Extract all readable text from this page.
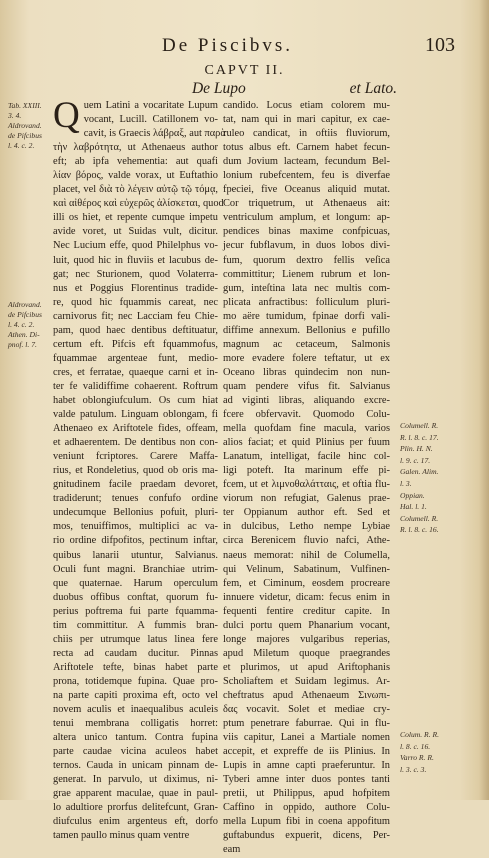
De Piscibvs.	103
CAPVT II.
De Lupo	et Lato.
Tab. XXIII.
3. 4.
Aldrovand.
de Pifcibus
l. 4. c. 2.
Aldrovand.
de Pifcibus
l. 4. c. 2.
Athen. Di-
pnof. l. 7.
Columell. R.
R. l. 8. c. 17.
Plin. H. N.
l. 9. c. 17.
Galen. Alim.
l. 3.
Oppian.
Hal. l. 1.
Columell. R.
R. l. 8. c. 16.
Colum. R. R.
l. 8. c. 16.
Varro R. R.
l. 3. c. 3.
Q uem Latini a vocaritate Lupum
vocant, Lucill. Catillonem vo-
cavit, is Graecis λάβραξ, aut παρὰ
τὴν λαβρότητα, ut Athenaeus author
eft; ab ipfa vehementia: aut quafi
λίαν βόρος, valde vorax, ut Euftathio
placet, vel διὰ τὸ λέγειν αὐτῷ τῷ τόμᾳ,
καὶ αἰθέρος καὶ εὐχερῶς ἀλίσκεται, quod
illi os hiet, et repente cumque impetu
avide voret, ut Suidas vult, dicitur.
Nec Lucium effe, quod Philelphus vo-
luit, quod hic in fluviis et lacubus de-
gat; nec Sturionem, quod Volaterra-
nus et Poggius Florentinus tradide-
re, quod hic fquammis careat, nec
carnivorus fit; nec Lacciam feu Chie-
pam, quod haec dentibus deftituatur,
certum eft. Pifcis eft fquammofus,
fquammae argenteae funt, medio-
cres, et ferratae, quaeque carni et in-
ter fe validiffime cohaerent. Roftrum
habet oblongiufculum. Os cum hiat
valde patulum. Linguam oblongam, fi
Athenaeo ex Ariftotele fides, offeam,
et adhaerentem. De dentibus non con-
veniunt fcriptores. Carere Maffa-
rius, et Rondeletius, quod ob oris ma-
gnitudinem facile praedam devoret,
tradiderunt; tenues confufo ordine
undecumque Bellonius pofuit, pluri-
mos, tenuiffimos, multiplici ac va-
rio ordine difpofitos, pectinum inftar,
quibus lanarii utuntur, Salvianus.
Oculi funt magni. Branchiae utrim-
que quaternae. Harum operculum
duobus offibus conftat, quorum fu-
perius poftrema fui parte fquamma-
tim committitur. A fummis bran-
chiis per utrumque latus linea fere
recta ad caudam ducitur. Pinnas
Ariftotele tefte, binas habet parte
prona, totidemque fupina. Quae pro-
na parte capiti proxima eft, octo vel
novem aculis et inaequalibus aculeis
tenui membrana colligatis horret:
altera unico tantum. Contra fupina
parte caudae vicina aculeos habet
ternos. Cauda in unicam pinnam de-
generat. In parvulo, ut diximus, ni-
grae apparent maculae, quae in paul-
lo adultiore prorfus delitefcunt, Gran-
diufculus enim argenteus eft, dorfo
tamen paullo minus quam ventre
candido. Locus etiam colorem mu-
tat, nam qui in mari capitur, ex cae-
ruleo candicat, in oftiis fluviorum,
totus albus eft. Carnem habet fecun-
dum Jovium lacteam, fecundum Bel-
lonium rubefcentem, feu is diverfae
fpeciei, five Oceanus aliquid mutat.
Cor triquetrum, ut Athenaeus ait:
ventriculum amplum, et longum: ap-
pendices binas maxime confpicuas,
jecur fubflavum, in duos lobos divi-
fum, quorum dextro fellis veſica
committitur; Lienem rubrum et lon-
gum, inteſtina lata nec multis com-
plicata anfractibus: folliculum pluri-
mo aëre tumidum, fpinae dorfi vali-
diffime annexum. Bellonius e pufillo
magnum ac cetaceum, Salmonis
more evadere folere teftatur, ut ex
Oceano libras quindecim non nun-
quam pendere vifus fit. Salvianus
ad viginti libras, aliquando excre-
fcere obfervavit. Quomodo Colu-
mella quofdam fine macula, varios
alios faciat; et quid Plinius per fuum
Lanatum, intelligat, facile hinc col-
ligi poteft. Ita marinum effe pi-
fcem, ut et λιμνοθαλάτταις, et oftia flu-
viorum non refugiat, Galenus prae-
ter Oppianum author eft. Sed et
in dulcibus, Letho nempe Lybiae
circa Berenicem fluvio nafci, Athe-
naeus memorat: nihil de Columella,
qui Velinum, Sabatinum, Vulfinen-
fem, et Ciminum, eosdem procreare
innuere videtur, dicam: fecus enim in
fequenti fentire creditur capite. In
dulci portu quem Phanarium vocant,
longe majores vulgaribus reperias,
apud Miletum quoque praegrandes
et plurimos, ut apud Ariftophanis
Scholiaftem et Suidam legimus. Ar-
cheftratus apud Athenaeum Σινωπι-
δας vocavit. Solet et mediae cry-
ptum penetrare faburrae. Qui in flu-
viis capitur, Lanei a Martiale nomen
accepit, et expreffe de iis Plinius. In
Lupis in amne capti praeferuntur. In
Tyberi amne inter duos pontes tanti
pretii, ut Philippus, apud hofpitem
Caffino in oppido, authore Colu-
mella Lupum fibi in coena appofitum
guftabundus expuerit, dicens, Per-
eam
